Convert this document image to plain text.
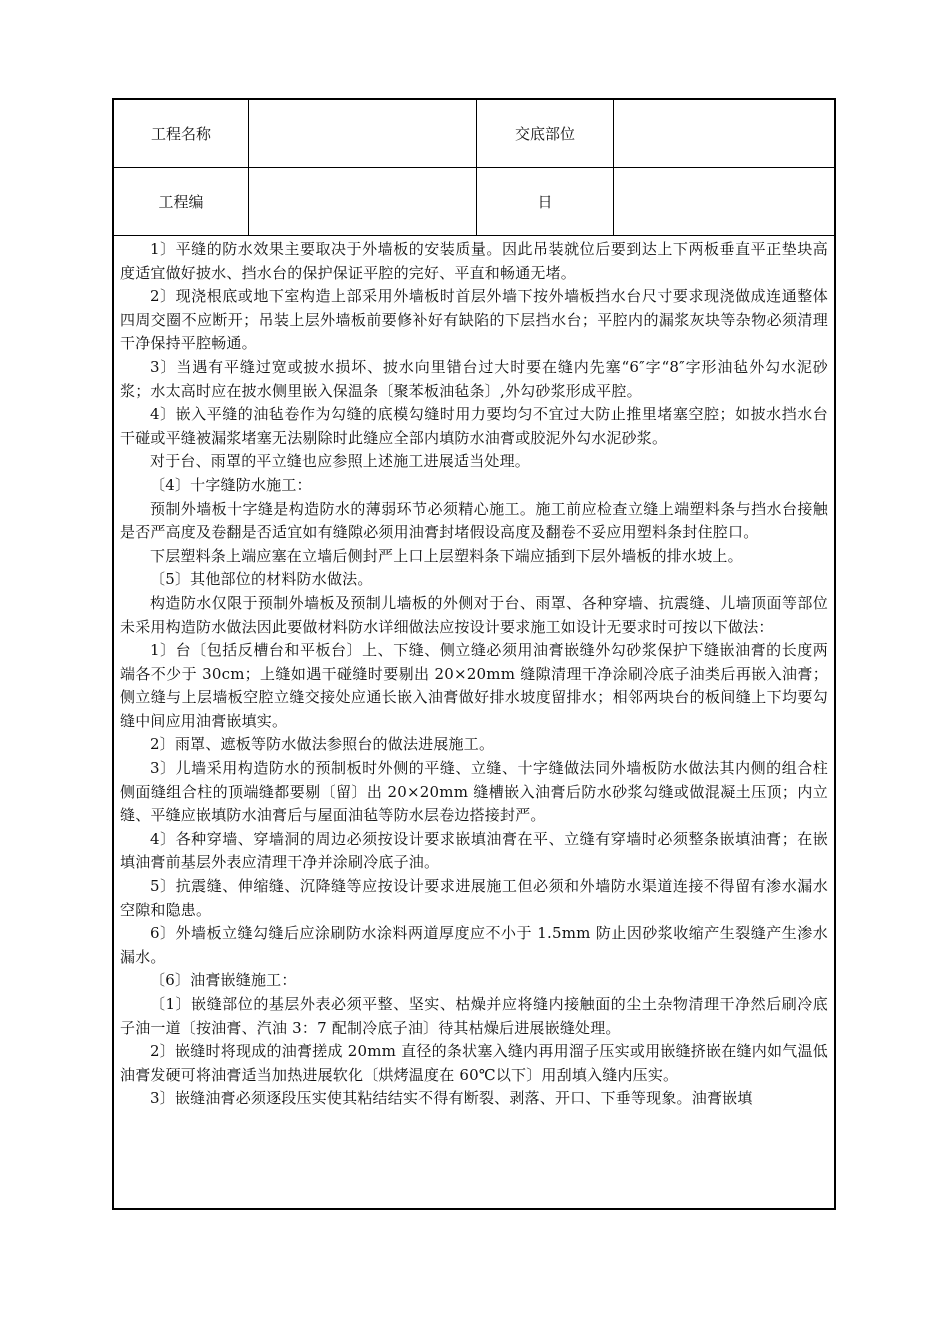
工程名称	交底部位
工程编	日

1〕平缝的防水效果主要取决于外墙板的安装质量。因此吊装就位后要到达上下两板垂直平正垫块高度适宜做好披水、挡水台的保护保证平腔的完好、平直和畅通无堵。

2〕现浇根底或地下室构造上部采用外墙板时首层外墙下按外墙板挡水台尺寸要求现浇做成连通整体四周交圈不应断开；吊装上层外墙板前要修补好有缺陷的下层挡水台；平腔内的漏浆灰块等杂物必须清理干净保持平腔畅通。

3〕当遇有平缝过宽或披水损坏、披水向里错台过大时要在缝内先塞“6″字“8″字形油毡外勾水泥砂浆；水太高时应在披水侧里嵌入保温条〔聚苯板油毡条〕,外勾砂浆形成平腔。

4〕嵌入平缝的油毡卷作为勾缝的底模勾缝时用力要均匀不宜过大防止推里堵塞空腔；如披水挡水台干碰或平缝被漏浆堵塞无法剔除时此缝应全部内填防水油膏或胶泥外勾水泥砂浆。

对于台、雨罩的平立缝也应参照上述施工进展适当处理。

〔4〕十字缝防水施工：

预制外墙板十字缝是构造防水的薄弱环节必须精心施工。施工前应检查立缝上端塑料条与挡水台接触是否严高度及卷翻是否适宜如有缝隙必须用油膏封堵假设高度及翻卷不妥应用塑料条封住腔口。

下层塑料条上端应塞在立墙后侧封严上口上层塑料条下端应插到下层外墙板的排水坡上。

〔5〕其他部位的材料防水做法。

构造防水仅限于预制外墙板及预制儿墙板的外侧对于台、雨罩、各种穿墙、抗震缝、儿墙顶面等部位未采用构造防水做法因此要做材料防水详细做法应按设计要求施工如设计无要求时可按以下做法：

1〕台〔包括反槽台和平板台〕上、下缝、侧立缝必须用油膏嵌缝外勾砂浆保护下缝嵌油膏的长度两端各不少于 30cm；上缝如遇干碰缝时要剔出 20×20mm 缝隙清理干净涂刷冷底子油类后再嵌入油膏；侧立缝与上层墙板空腔立缝交接处应通长嵌入油膏做好排水坡度留排水；相邻两块台的板间缝上下均要勾缝中间应用油膏嵌填实。

2〕雨罩、遮板等防水做法参照台的做法进展施工。

3〕儿墙采用构造防水的预制板时外侧的平缝、立缝、十字缝做法同外墙板防水做法其内侧的组合柱侧面缝组合柱的顶端缝都要剔〔留〕出 20×20mm 缝槽嵌入油膏后防水砂浆勾缝或做混凝土压顶；内立缝、平缝应嵌填防水油膏后与屋面油毡等防水层卷边搭接封严。

4〕各种穿墙、穿墙洞的周边必须按设计要求嵌填油膏在平、立缝有穿墙时必须整条嵌填油膏；在嵌填油膏前基层外表应清理干净并涂刷冷底子油。

5〕抗震缝、伸缩缝、沉降缝等应按设计要求进展施工但必须和外墙防水渠道连接不得留有渗水漏水空隙和隐患。

6〕外墙板立缝勾缝后应涂刷防水涂料两道厚度应不小于 1.5mm 防止因砂浆收缩产生裂缝产生渗水漏水。

〔6〕油膏嵌缝施工：

〔1〕嵌缝部位的基层外表必须平整、坚实、枯燥并应将缝内接触面的尘土杂物清理干净然后刷冷底子油一道〔按油膏、汽油 3：7 配制冷底子油〕待其枯燥后进展嵌缝处理。

2〕嵌缝时将现成的油膏搓成 20mm 直径的条状塞入缝内再用溜子压实或用嵌缝挤嵌在缝内如气温低油膏发硬可将油膏适当加热进展软化〔烘烤温度在 60℃以下〕用刮填入缝内压实。

3〕嵌缝油膏必须逐段压实使其粘结结实不得有断裂、剥落、开口、下垂等现象。油膏嵌填
